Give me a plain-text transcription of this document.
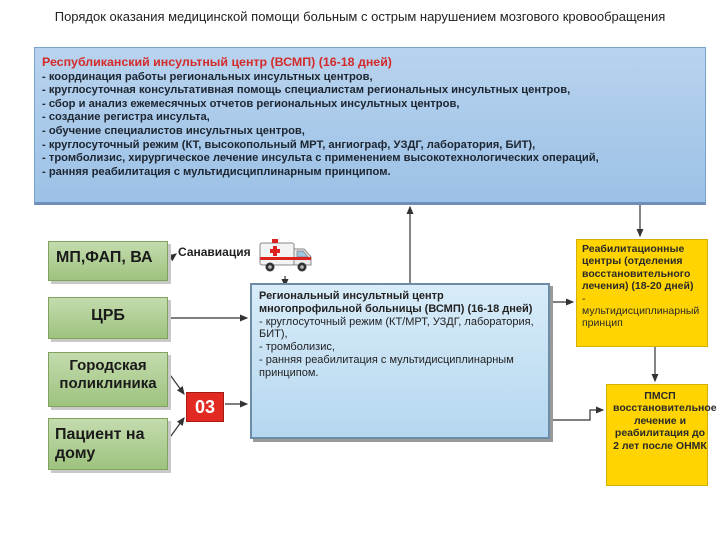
Порядок оказания медицинской помощи больным с острым нарушением мозгового кровообращения
Республиканский инсультный центр (ВСМП) (16-18 дней)
- координация работы региональных инсультных центров,
- круглосуточная консультативная помощь специалистам региональных инсультных центров,
- сбор и анализ ежемесячных отчетов региональных инсультных центров,
- создание регистра инсульта,
- обучение специалистов инсультных центров,
- круглосуточный режим (КТ, высокопольный МРТ, ангиограф, УЗДГ, лаборатория, БИТ),
- тромболизис, хирургическое лечение инсульта с применением высокотехнологических операций,
- ранняя реабилитация с мультидисциплинарным принципом.
МП,ФАП, ВА
ЦРБ
Городская поликлиника
Пациент на дому
Санавиация
03
Региональный инсультный центр многопрофильной больницы (ВСМП) (16-18 дней)
- круглосуточный режим (КТ/МРТ, УЗДГ, лаборатория, БИТ),
- тромболизис,
- ранняя реабилитация с мультидисциплинарным принципом.
Реабилитационные центры (отделения восстановительного лечения) (18-20 дней)
-
мультидисциплинарный принцип
ПМСП восстановительное лечение и реабилитация до 2 лет после ОНМК
